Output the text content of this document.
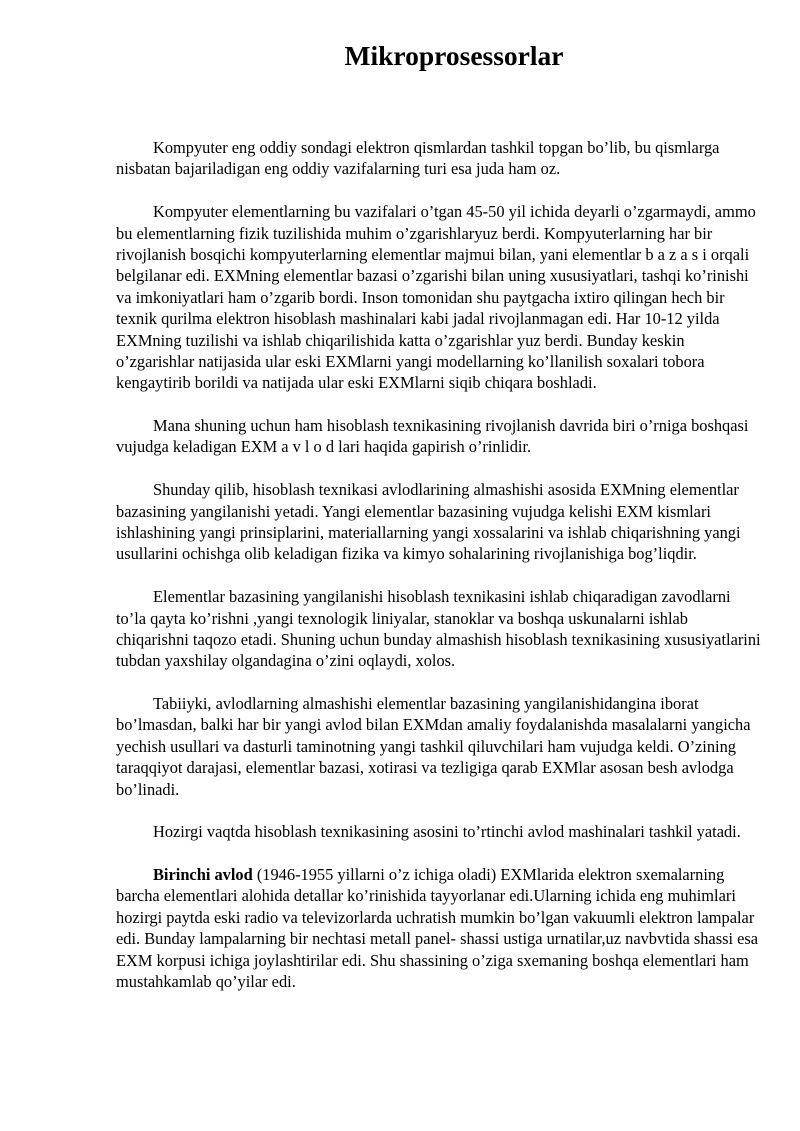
Mikroprosessorlar

Kompyuter eng oddiy sondagi elektron qismlardan tashkil topgan bo’lib, bu qismlarga nisbatan bajariladigan eng oddiy vazifalarning turi esa juda ham oz.

Kompyuter elementlarning bu vazifalari o’tgan 45-50 yil ichida deyarli o’zgarmaydi, ammo bu elementlarning fizik tuzilishida muhim o’zgarishlaryuz berdi. Kompyuterlarning har bir rivojlanish bosqichi kompyuterlarning elementlar majmui bilan, yani elementlar b a z a s i orqali belgilanar edi. EXMning elementlar bazasi o’zgarishi bilan uning xususiyatlari, tashqi ko’rinishi va imkoniyatlari ham o’zgarib bordi. Inson tomonidan shu paytgacha ixtiro qilingan hech bir texnik qurilma elektron hisoblash mashinalari kabi jadal rivojlanmagan edi. Har 10-12 yilda EXMning tuzilishi va ishlab chiqarilishida katta o’zgarishlar yuz berdi. Bunday keskin o’zgarishlar natijasida ular eski EXMlarni yangi modellarning ko’llanilish soxalari tobora kengaytirib borildi va natijada ular eski EXMlarni siqib chiqara boshladi.

Mana shuning uchun ham hisoblash texnikasining rivojlanish davrida biri o’rniga boshqasi vujudga keladigan EXM a v l o d lari haqida gapirish o’rinlidir.

Shunday qilib, hisoblash texnikasi avlodlarining almashishi asosida EXMning elementlar bazasining yangilanishi yetadi. Yangi elementlar bazasining vujudga kelishi EXM kismlari ishlashining yangi prinsiplarini, materiallarning yangi xossalarini va ishlab chiqarishning yangi usullarini ochishga olib keladigan fizika va kimyo sohalarining rivojlanishiga bog’liqdir.

Elementlar bazasining yangilanishi hisoblash texnikasini ishlab chiqaradigan zavodlarni to’la qayta ko’rishni ,yangi texnologik liniyalar, stanoklar va boshqa uskunalarni ishlab chiqarishni taqozo etadi. Shuning uchun bunday almashish hisoblash texnikasining xususiyatlarini tubdan yaxshilay olgandagina o’zini oqlaydi, xolos.

Tabiiyki, avlodlarning almashishi elementlar bazasining yangilanishidangina iborat bo’lmasdan, balki har bir yangi avlod bilan EXMdan amaliy foydalanishda masalalarni yangicha yechish usullari va dasturli taminotning yangi tashkil qiluvchilari ham vujudga keldi. O’zining taraqqiyot darajasi, elementlar bazasi, xotirasi va tezligiga qarab EXMlar asosan besh avlodga bo’linadi.

Hozirgi vaqtda hisoblash texnikasining asosini to’rtinchi avlod mashinalari tashkil yatadi.

Birinchi avlod (1946-1955 yillarni o’z ichiga oladi) EXMlarida elektron sxemalarning barcha elementlari alohida detallar ko’rinishida tayyorlanar edi.Ularning ichida eng muhimlari hozirgi paytda eski radio va televizorlarda uchratish mumkin bo’lgan vakuumli elektron lampalar edi. Bunday lampalarning bir nechtasi metall panel- shassi ustiga urnatilar,uz navbvtida shassi esa EXM korpusi ichiga joylashtirilar edi. Shu shassining o’ziga sxemaning boshqa elementlari ham mustahkamlab qo’yilar edi.
